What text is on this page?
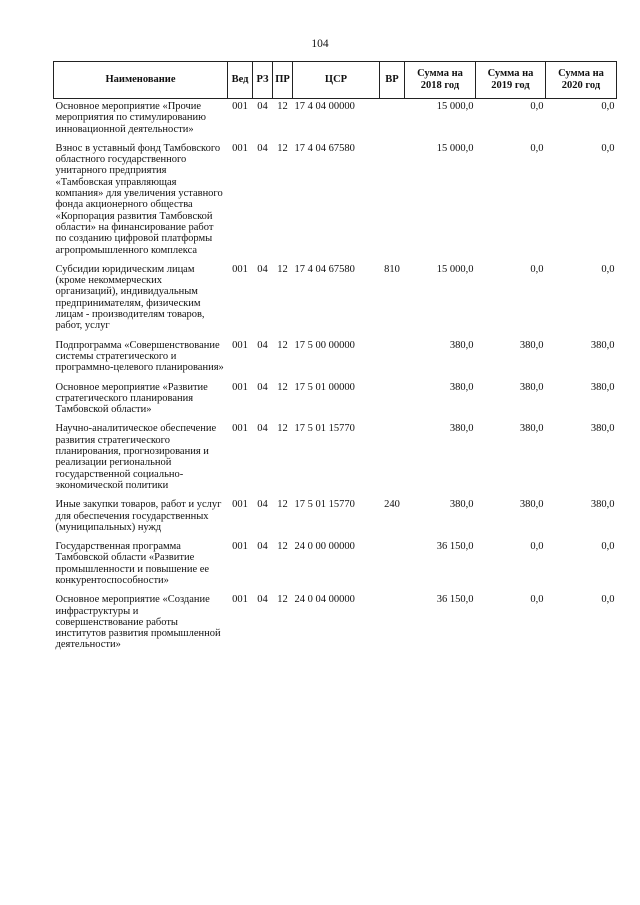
104
Наименование	Вед	РЗ	ПР	ЦСР	ВР	Сумма на 2018 год	Сумма на 2019 год	Сумма на 2020 год
Основное мероприятие «Прочие мероприятия по стимулированию инновационной деятельности»	001	04	12	17 4 04 00000		15 000,0	0,0	0,0
Взнос в уставный фонд Тамбовского областного государственного унитарного предприятия «Тамбовская управляющая компания» для увеличения уставного фонда акционерного общества «Корпорация развития Тамбовской области» на финансирование работ по созданию цифровой платформы агропромышленного комплекса	001	04	12	17 4 04 67580		15 000,0	0,0	0,0
Субсидии юридическим лицам (кроме некоммерческих организаций), индивидуальным предпринимателям, физическим лицам - производителям товаров, работ, услуг	001	04	12	17 4 04 67580	810	15 000,0	0,0	0,0
Подпрограмма «Совершенствование системы стратегического и программно-целевого планирования»	001	04	12	17 5 00 00000		380,0	380,0	380,0
Основное мероприятие «Развитие стратегического планирования Тамбовской области»	001	04	12	17 5 01 00000		380,0	380,0	380,0
Научно-аналитическое обеспечение развития стратегического планирования, прогнозирования и реализации региональной государственной социально-экономической политики	001	04	12	17 5 01 15770		380,0	380,0	380,0
Иные закупки товаров, работ и услуг для обеспечения государственных (муниципальных) нужд	001	04	12	17 5 01 15770	240	380,0	380,0	380,0
Государственная программа Тамбовской области «Развитие промышленности и повышение ее конкурентоспособности»	001	04	12	24 0 00 00000		36 150,0	0,0	0,0
Основное мероприятие «Создание инфраструктуры и совершенствование работы институтов развития промышленной деятельности»	001	04	12	24 0 04 00000		36 150,0	0,0	0,0
